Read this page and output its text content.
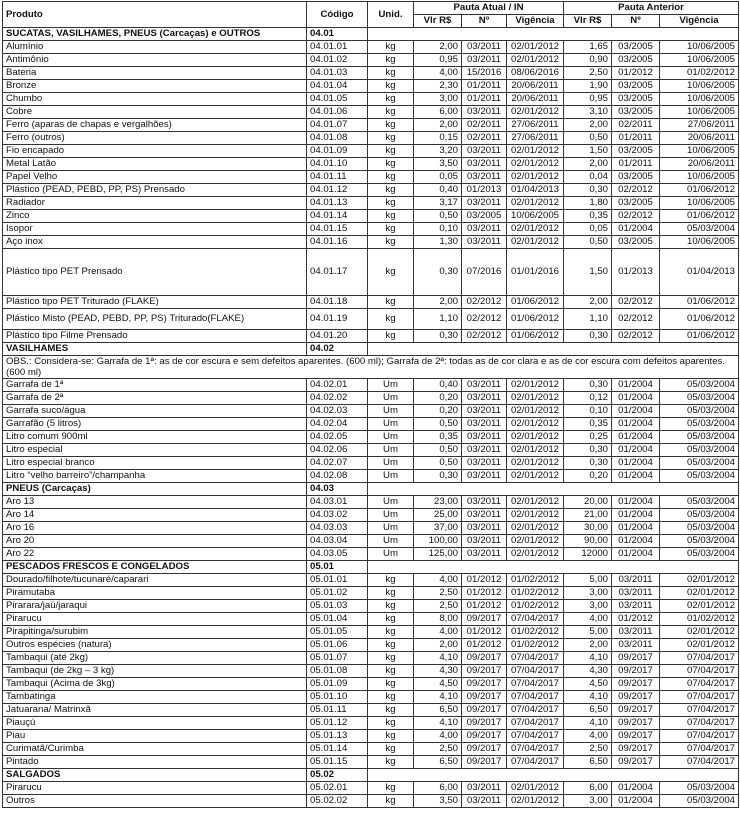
Produto	Código	Unid.	Pauta Atual / IN			Pauta Anterior		
			Vlr R$	Nº	Vigência	Vlr R$	Nº	Vigência
SUCATAS, VASILHAMES, PNEUS (Carcaças) e OUTROS	04.01							
Alumínio	04.01.01	kg	2,00	03/2011	02/01/2012	1,65	03/2005	10/06/2005
Antimônio	04.01.02	kg	0,95	03/2011	02/01/2012	0,90	03/2005	10/06/2005
Bateria	04.01.03	kg	4,00	15/2016	08/06/2016	2,50	01/2012	01/02/2012
Bronze	04.01.04	kg	2,30	01/2011	20/06/2011	1,90	03/2005	10/06/2005
Chumbo	04.01.05	kg	3,00	01/2011	20/06/2011	0,95	03/2005	10/06/2005
Cobre	04.01.06	kg	6,00	03/2011	02/01/2012	3,10	03/2005	10/06/2005
Ferro (aparas de chapas e vergalhões)	04.01.07	kg	2,00	02/2011	27/06/2011	2,00	02/2011	27/06/2011
Ferro (outros)	04.01.08	kg	0,15	02/2011	27/06/2011	0,50	01/2011	20/06/2011
Fio encapado	04.01.09	kg	3,20	03/2011	02/01/2012	1,50	03/2005	10/06/2005
Metal Latão	04.01.10	kg	3,50	03/2011	02/01/2012	2,00	01/2011	20/06/2011
Papel Velho	04.01.11	kg	0,05	03/2011	02/01/2012	0,04	03/2005	10/06/2005
Plástico (PEAD, PEBD, PP, PS) Prensado	04.01.12	kg	0,40	01/2013	01/04/2013	0,30	02/2012	01/06/2012
Radiador	04.01.13	kg	3,17	03/2011	02/01/2012	1,80	03/2005	10/06/2005
Zinco	04.01.14	kg	0,50	03/2005	10/06/2005	0,35	02/2012	01/06/2012
Isopor	04.01.15	kg	0,10	03/2011	02/01/2012	0,05	01/2004	05/03/2004
Aço inox	04.01.16	kg	1,30	03/2011	02/01/2012	0,50	03/2005	10/06/2005
Plástico tipo PET Prensado	04.01.17	kg	0,30	07/2016	01/01/2016	1,50	01/2013	01/04/2013
Plástico tipo PET Triturado (FLAKE)	04.01.18	kg	2,00	02/2012	01/06/2012	2,00	02/2012	01/06/2012
Plástico Misto (PEAD, PEBD, PP, PS) Triturado(FLAKE)	04.01.19	kg	1,10	02/2012	01/06/2012	1,10	02/2012	01/06/2012
Plástico tipo Filme Prensado	04.01.20	kg	0,30	02/2012	01/06/2012	0,30	02/2012	01/06/2012
VASILHAMES	04.02							
OBS.: Considera-se: Garrafa de 1ª: as de cor escura e sem defeitos aparentes. (600 ml); Garrafa de 2ª: todas as de cor clara e as de cor escura com defeitos aparentes. (600 ml)								
Garrafa de 1ª	04.02.01	Um	0,40	03/2011	02/01/2012	0,30	01/2004	05/03/2004
Garrafa de 2ª	04.02.02	Um	0,20	03/2011	02/01/2012	0,12	01/2004	05/03/2004
Garrafa suco/água	04.02.03	Um	0,20	03/2011	02/01/2012	0,10	01/2004	05/03/2004
Garrafão (5 litros)	04.02.04	Um	0,50	03/2011	02/01/2012	0,35	01/2004	05/03/2004
Litro comum 900ml	04.02.05	Um	0,35	03/2011	02/01/2012	0,25	01/2004	05/03/2004
Litro especial	04.02.06	Um	0,50	03/2011	02/01/2012	0,30	01/2004	05/03/2004
Litro especial branco	04.02.07	Um	0,50	03/2011	02/01/2012	0,30	01/2004	05/03/2004
Litro “velho barreiro”/champanha	04.02.08	Um	0,30	03/2011	02/01/2012	0,20	01/2004	05/03/2004
PNEUS (Carcaças)	04.03							
Aro 13	04.03.01	Um	23,00	03/2011	02/01/2012	20,00	01/2004	05/03/2004
Aro 14	04.03.02	Um	25,00	03/2011	02/01/2012	21,00	01/2004	05/03/2004
Aro 16	04.03.03	Um	37,00	03/2011	02/01/2012	30,00	01/2004	05/03/2004
Aro 20	04.03.04	Um	100,00	03/2011	02/01/2012	90,00	01/2004	05/03/2004
Aro 22	04.03.05	Um	125,00	03/2011	02/01/2012	12000	01/2004	05/03/2004
PESCADOS FRESCOS E CONGELADOS	05.01							
Dourado/filhote/tucunaré/caparari	05.01.01	kg	4,00	01/2012	01/02/2012	5,00	03/2011	02/01/2012
Piramutaba	05.01.02	kg	2,50	01/2012	01/02/2012	3,00	03/2011	02/01/2012
Pirarara/jaú/jaraqui	05.01.03	kg	2,50	01/2012	01/02/2012	3,00	03/2011	02/01/2012
Pirarucu	05.01.04	kg	8,00	09/2017	07/04/2017	4,00	01/2012	01/02/2012
Pirapitinga/surubim	05.01.05	kg	4,00	01/2012	01/02/2012	5,00	03/2011	02/01/2012
Outros espécies (natura)	05.01.06	kg	2,00	01/2012	01/02/2012	2,00	03/2011	02/01/2012
Tambaqui (até 2kg)	05.01.07	kg	4,10	09/2017	07/04/2017	4,10	09/2017	07/04/2017
Tambaqui (de 2kg – 3 kg)	05.01.08	kg	4,30	09/2017	07/04/2017	4,30	09/2017	07/04/2017
Tambaqui (Acima de 3kg)	05.01.09	kg	4,50	09/2017	07/04/2017	4,50	09/2017	07/04/2017
Tambatinga	05.01.10	kg	4,10	09/2017	07/04/2017	4,10	09/2017	07/04/2017
Jatuarana/ Matrinxã	05.01.11	kg	6,50	09/2017	07/04/2017	6,50	09/2017	07/04/2017
Piauçú	05.01.12	kg	4,10	09/2017	07/04/2017	4,10	09/2017	07/04/2017
Piau	05.01.13	kg	4,00	09/2017	07/04/2017	4,00	09/2017	07/04/2017
Curimatã/Curimba	05.01.14	kg	2,50	09/2017	07/04/2017	2,50	09/2017	07/04/2017
Pintado	05.01.15	kg	6,50	09/2017	07/04/2017	6,50	09/2017	07/04/2017
SALGADOS	05.02							
Pirarucu	05.02.01	kg	6,00	03/2011	02/01/2012	6,00	01/2004	05/03/2004
Outros	05.02.02	kg	3,50	03/2011	02/01/2012	3,00	01/2004	05/03/2004
